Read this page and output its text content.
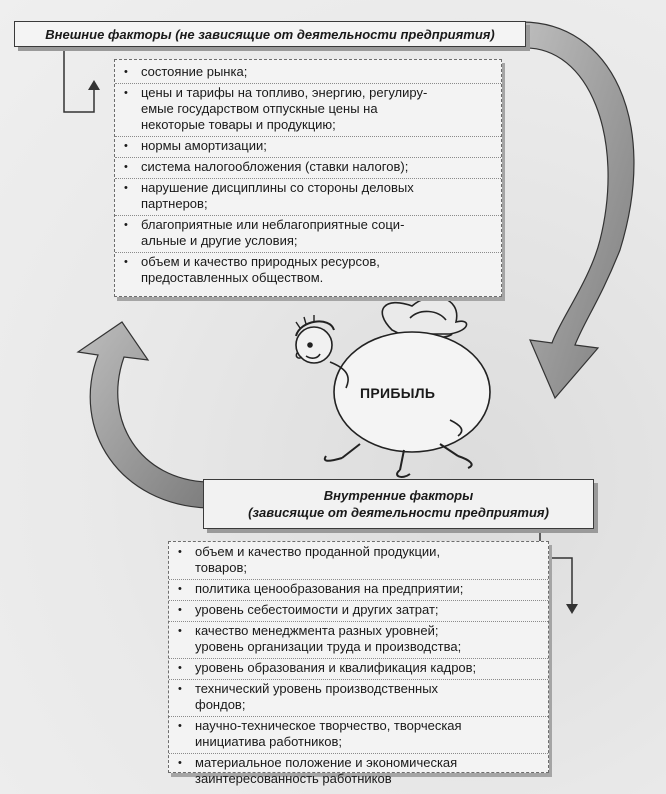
Внешние факторы (не зависящие от деятельности предприятия)
• состояние рынка;
• цены и тарифы на топливо, энергию, регулиру-
емые государством отпускные цены на
некоторые товары и продукцию;
• нормы амортизации;
• система налогообложения (ставки налогов);
• нарушение дисциплины со стороны деловых
партнеров;
• благоприятные или неблагоприятные соци-
альные и другие условия;
• объем и качество природных ресурсов,
предоставленных обществом.
ПРИБЫЛЬ
Внутренние факторы
(зависящие от деятельности предприятия)
• объем и качество проданной продукции,
товаров;
• политика ценообразования на предприятии;
• уровень себестоимости и других затрат;
• качество менеджмента разных уровней;
уровень организации труда и производства;
• уровень образования и квалификация кадров;
• технический уровень производственных
фондов;
• научно-техническое творчество, творческая
инициатива работников;
• материальное положение и экономическая
заинтересованность работников
